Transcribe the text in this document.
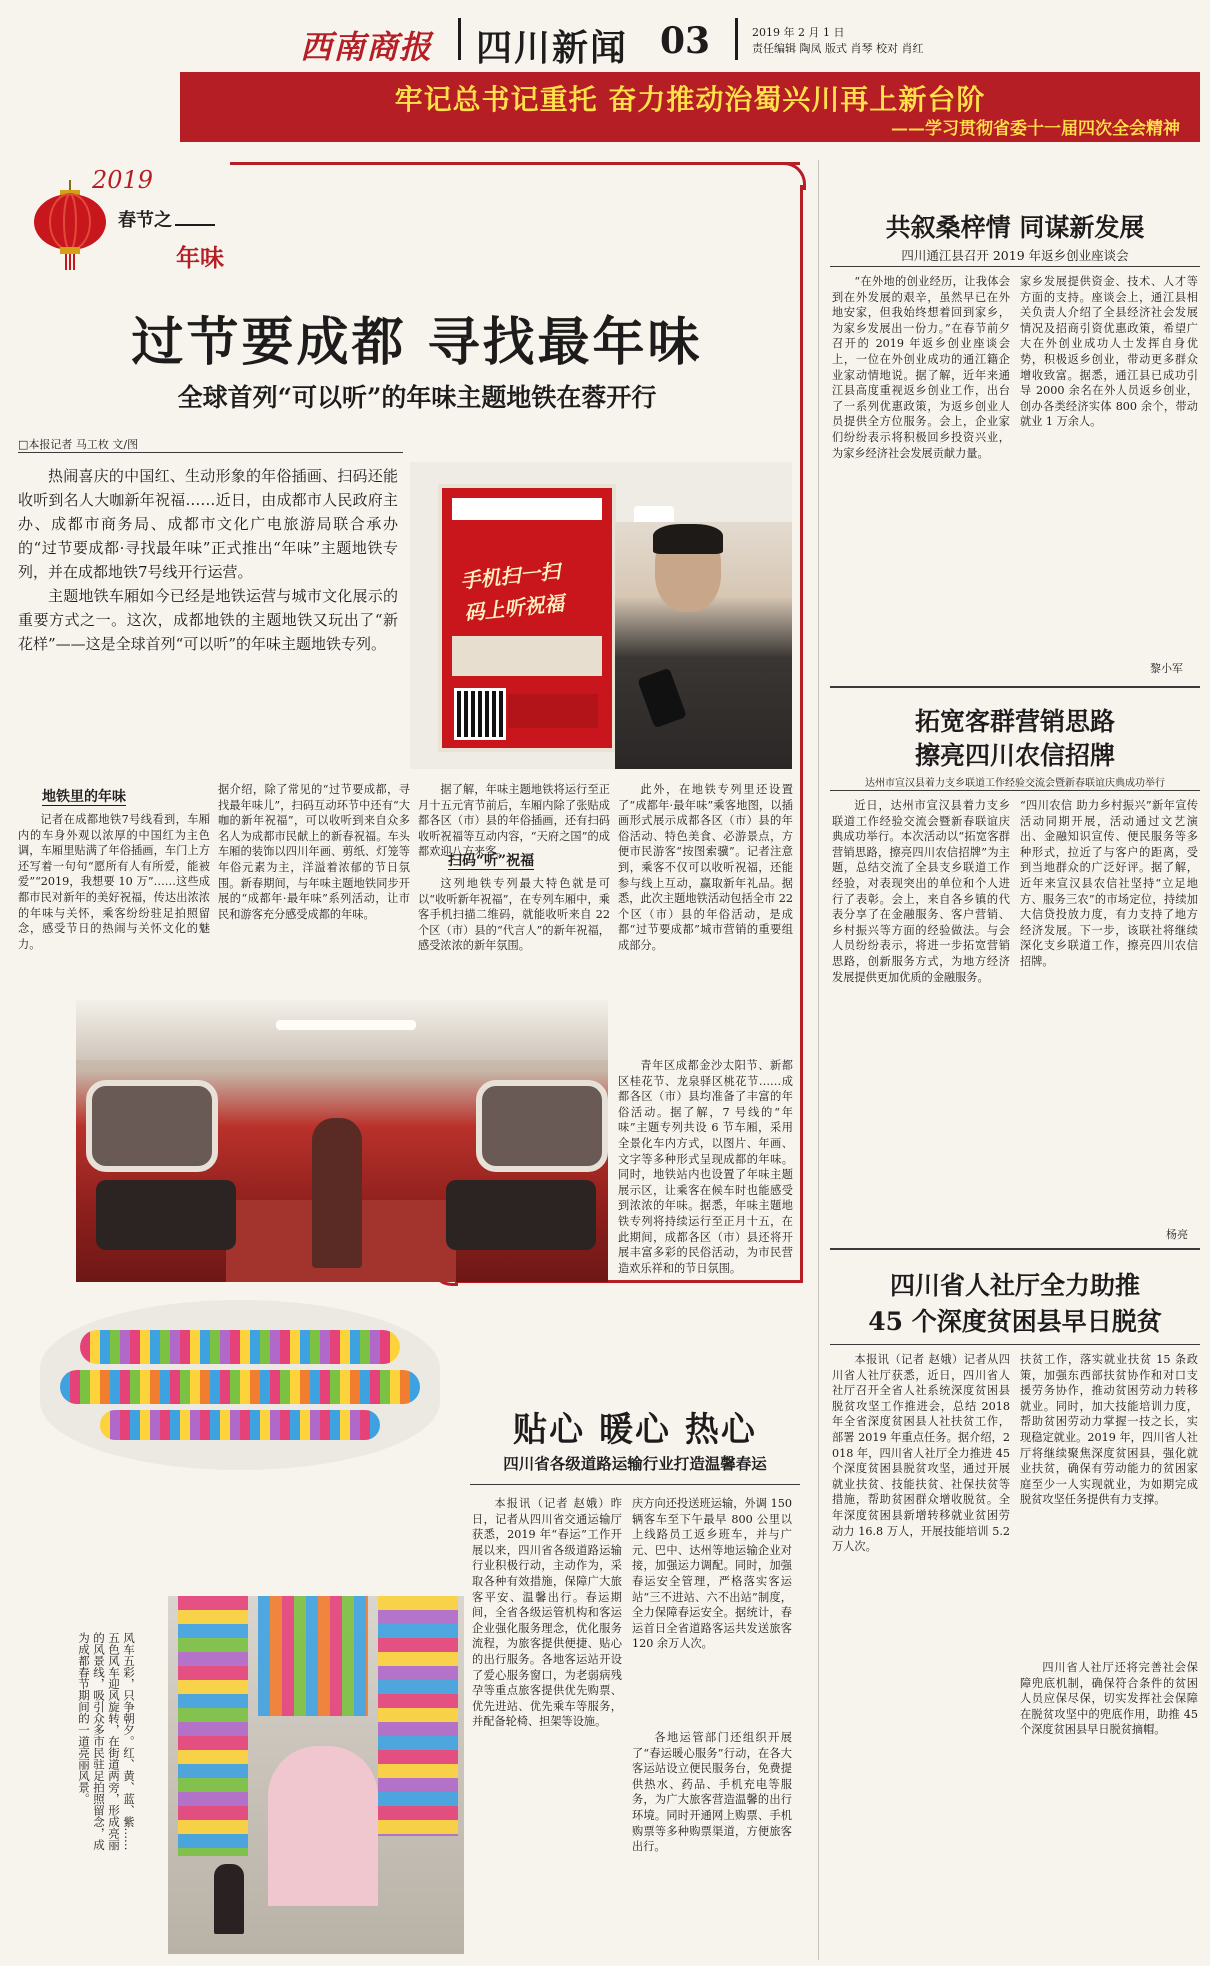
西南商报 四川新闻 03	2019 年 2 月 1 日
责任编辑 陶凤 版式 肖琴 校对 肖红
牢记总书记重托 奋力推动治蜀兴川再上新台阶
——学习贯彻省委十一届四次全会精神
2019
春节之
年味
过节要成都 寻找最年味
全球首列“可以听”的年味主题地铁在蓉开行
□本报记者 马工枚 文/图

热闹喜庆的中国红、生动形象的年俗插画、扫码还能收听到名人大咖新年祝福……近日，由成都市人民政府主办、成都市商务局、成都市文化广电旅游局联合承办的“过节要成都·寻找最年味”正式推出“年味”主题地铁专列，并在成都地铁7号线开行运营。

主题地铁车厢如今已经是地铁运营与城市文化展示的重要方式之一。这次，成都地铁的主题地铁又玩出了“新花样”——这是全球首列“可以听”的年味主题地铁专列。

手机扫一扫
码上听祝福
地铁里的年味
记者在成都地铁7号线看到，车厢内的车身外观以浓厚的中国红为主色调，车厢里贴满了年俗插画，车门上方还写着一句句“愿所有人有所爱，能被爱”“2019，我想要 10 万”……这些成都市民对新年的美好祝福，传达出浓浓的年味与关怀，乘客纷纷驻足拍照留念，感受节日的热闹与关怀文化的魅力。
据介绍，除了常见的“过节要成都，寻找最年味儿”，扫码互动环节中还有“大咖的新年祝福”，可以收听到来自众多名人为成都市民献上的新春祝福。车头车厢的装饰以四川年画、剪纸、灯笼等年俗元素为主，洋溢着浓郁的节日氛围。新春期间，与年味主题地铁同步开展的“成都年·最年味”系列活动，让市民和游客充分感受成都的年味。
据了解，年味主题地铁将运行至正月十五元宵节前后，车厢内除了张贴成都各区（市）县的年俗插画，还有扫码收听祝福等互动内容，“天府之国”的成都欢迎八方来客。
扫码“听”祝福
这列地铁专列最大特色就是可以“收听新年祝福”，在专列车厢中，乘客手机扫描二维码，就能收听来自 22 个区（市）县的“代言人”的新年祝福，感受浓浓的新年氛围。
此外，在地铁专列里还设置了“成都年·最年味”乘客地图，以插画形式展示成都各区（市）县的年俗活动、特色美食、必游景点，方便市民游客“按图索骥”。记者注意到，乘客不仅可以收听祝福，还能参与线上互动，赢取新年礼品。据悉，此次主题地铁活动包括全市 22 个区（市）县的年俗活动，是成都“过节要成都”城市营销的重要组成部分。
青年区成都金沙太阳节、新都区桂花节、龙泉驿区桃花节……成都各区（市）县均准备了丰富的年俗活动。据了解，7 号线的“年味”主题专列共设 6 节车厢，采用全景化车内方式，以图片、年画、文字等多种形式呈现成都的年味。同时，地铁站内也设置了年味主题展示区，让乘客在候车时也能感受到浓浓的年味。据悉，年味主题地铁专列将持续运行至正月十五，在此期间，成都各区（市）县还将开展丰富多彩的民俗活动，为市民营造欢乐祥和的节日氛围。
风车五彩，只争朝夕。红、黄、蓝、紫……五色风车迎风旋转，在街道两旁，形成亮丽的风景线，吸引众多市民驻足拍照留念，成为成都春节期间的一道亮丽风景。
贴心 暖心 热心
四川省各级道路运输行业打造温馨春运
本报讯（记者 赵娥）昨日，记者从四川省交通运输厅获悉，2019 年“春运”工作开展以来，四川省各级道路运输行业积极行动，主动作为，采取各种有效措施，保障广大旅客平安、温馨出行。春运期间，全省各级运管机构和客运企业强化服务理念，优化服务流程，为旅客提供便捷、贴心的出行服务。各地客运站开设了爱心服务窗口，为老弱病残孕等重点旅客提供优先购票、优先进站、优先乘车等服务，并配备轮椅、担架等设施。
庆方向还投送班运输，外调 150 辆客车至下午最早 800 公里以上线路员工返乡班车，并与广元、巴中、达州等地运输企业对接，加强运力调配。同时，加强春运安全管理，严格落实客运站“三不进站、六不出站”制度，全力保障春运安全。据统计，春运首日全省道路客运共发送旅客 120 余万人次。
各地运管部门还组织开展了“春运暖心服务”行动，在各大客运站设立便民服务台，免费提供热水、药品、手机充电等服务，为广大旅客营造温馨的出行环境。同时开通网上购票、手机购票等多种购票渠道，方便旅客出行。
共叙桑梓情 同谋新发展
四川通江县召开 2019 年返乡创业座谈会
“在外地的创业经历，让我体会到在外发展的艰辛，虽然早已在外地安家，但我始终想着回到家乡，为家乡发展出一份力。”在春节前夕召开的 2019 年返乡创业座谈会上，一位在外创业成功的通江籍企业家动情地说。据了解，近年来通江县高度重视返乡创业工作，出台了一系列优惠政策，为返乡创业人员提供全方位服务。会上，企业家们纷纷表示将积极回乡投资兴业，为家乡经济社会发展贡献力量。
家乡发展提供资金、技术、人才等方面的支持。座谈会上，通江县相关负责人介绍了全县经济社会发展情况及招商引资优惠政策，希望广大在外创业成功人士发挥自身优势，积极返乡创业，带动更多群众增收致富。据悉，通江县已成功引导 2000 余名在外人员返乡创业，创办各类经济实体 800 余个，带动就业 1 万余人。
黎小军
拓宽客群营销思路
擦亮四川农信招牌
达州市宣汉县着力支乡联道工作经验交流会暨新春联谊庆典成功举行
近日，达州市宣汉县着力支乡联道工作经验交流会暨新春联谊庆典成功举行。本次活动以“拓宽客群营销思路，擦亮四川农信招牌”为主题，总结交流了全县支乡联道工作经验，对表现突出的单位和个人进行了表彰。会上，来自各乡镇的代表分享了在金融服务、客户营销、乡村振兴等方面的经验做法。与会人员纷纷表示，将进一步拓宽营销思路，创新服务方式，为地方经济发展提供更加优质的金融服务。
“四川农信 助力乡村振兴”新年宣传活动同期开展，活动通过文艺演出、金融知识宣传、便民服务等多种形式，拉近了与客户的距离，受到当地群众的广泛好评。据了解，近年来宣汉县农信社坚持“立足地方、服务三农”的市场定位，持续加大信贷投放力度，有力支持了地方经济发展。下一步，该联社将继续深化支乡联道工作，擦亮四川农信招牌。
杨亮
四川省人社厅全力助推
45 个深度贫困县早日脱贫
本报讯（记者 赵娥）记者从四川省人社厅获悉，近日，四川省人社厅召开全省人社系统深度贫困县脱贫攻坚工作推进会，总结 2018 年全省深度贫困县人社扶贫工作，部署 2019 年重点任务。据介绍，2018 年，四川省人社厅全力推进 45 个深度贫困县脱贫攻坚，通过开展就业扶贫、技能扶贫、社保扶贫等措施，帮助贫困群众增收脱贫。全年深度贫困县新增转移就业贫困劳动力 16.8 万人，开展技能培训 5.2 万人次。
扶贫工作，落实就业扶贫 15 条政策，加强东西部扶贫协作和对口支援劳务协作，推动贫困劳动力转移就业。同时，加大技能培训力度，帮助贫困劳动力掌握一技之长，实现稳定就业。2019 年，四川省人社厅将继续聚焦深度贫困县，强化就业扶贫，确保有劳动能力的贫困家庭至少一人实现就业，为如期完成脱贫攻坚任务提供有力支撑。
四川省人社厅还将完善社会保障兜底机制，确保符合条件的贫困人员应保尽保，切实发挥社会保障在脱贫攻坚中的兜底作用，助推 45 个深度贫困县早日脱贫摘帽。
